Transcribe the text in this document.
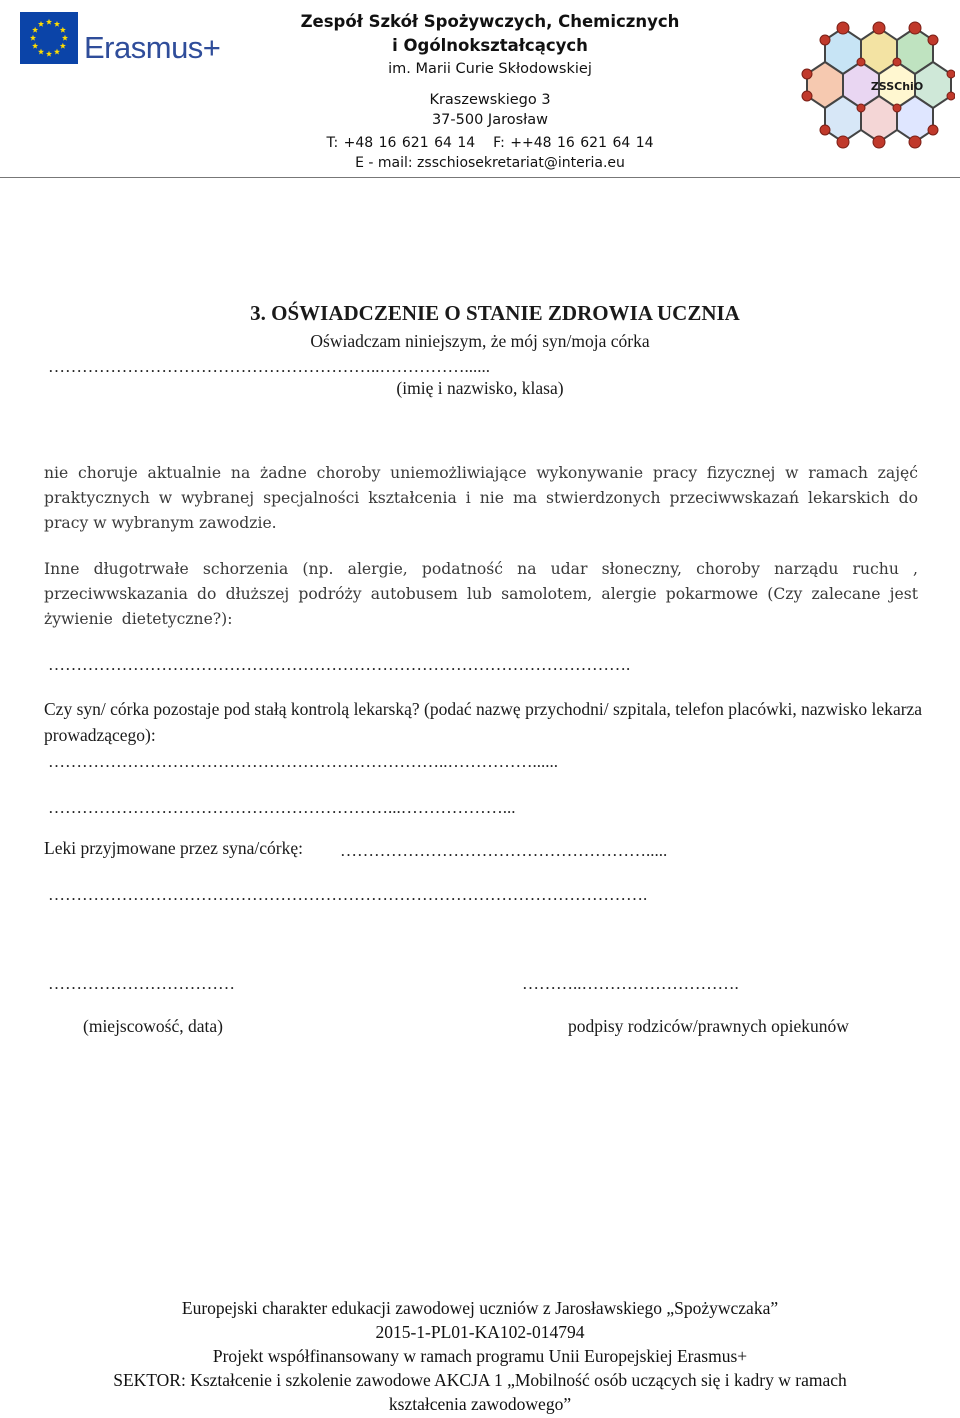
Erasmus+
Zespół Szkół Spożywczych, Chemicznych
i Ogólnokształcących
im. Marii Curie Skłodowskiej
Kraszewskiego 3
37-500 Jarosław
T: +48 16 621 64 14 F: ++48 16 621 64 14
E - mail: zsschiosekretariat@interia.eu
ZSSChiO
3. OŚWIADCZENIE O STANIE ZDROWIA UCZNIA
Oświadczam niniejszym, że mój syn/moja córka
…………………………………………………..……………......
(imię i nazwisko, klasa)
nie choruje aktualnie na żadne choroby uniemożliwiające wykonywanie pracy fizycznej w ramach zajęć praktycznych w wybranej specjalności kształcenia i nie ma stwierdzonych przeciwwskazań lekarskich do pracy w wybranym zawodzie.
Inne długotrwałe schorzenia (np. alergie, podatność na udar słoneczny, choroby narządu ruchu , przeciwwskazania do dłuższej podróży autobusem lub samolotem, alergie pokarmowe (Czy zalecane jest żywienie dietetyczne?):
………………………………………………………………………………………….
Czy syn/ córka pozostaje pod stałą kontrolą lekarską? (podać nazwę przychodni/ szpitala, telefon placówki, nazwisko lekarza prowadzącego):
……………………………………………………………..……………......
……………………………………………………...………………...
Leki przyjmowane przez syna/córkę:	……………………………………………….....
…………………………………………………………………………………………….
……………………………	………..……………………….
(miejscowość, data)	podpisy rodziców/prawnych opiekunów
Europejski charakter edukacji zawodowej uczniów z Jarosławskiego „Spożywczaka”
2015-1-PL01-KA102-014794
Projekt współfinansowany w ramach programu Unii Europejskiej Erasmus+
SEKTOR: Kształcenie i szkolenie zawodowe AKCJA 1 „Mobilność osób uczących się i kadry w ramach
kształcenia zawodowego”
